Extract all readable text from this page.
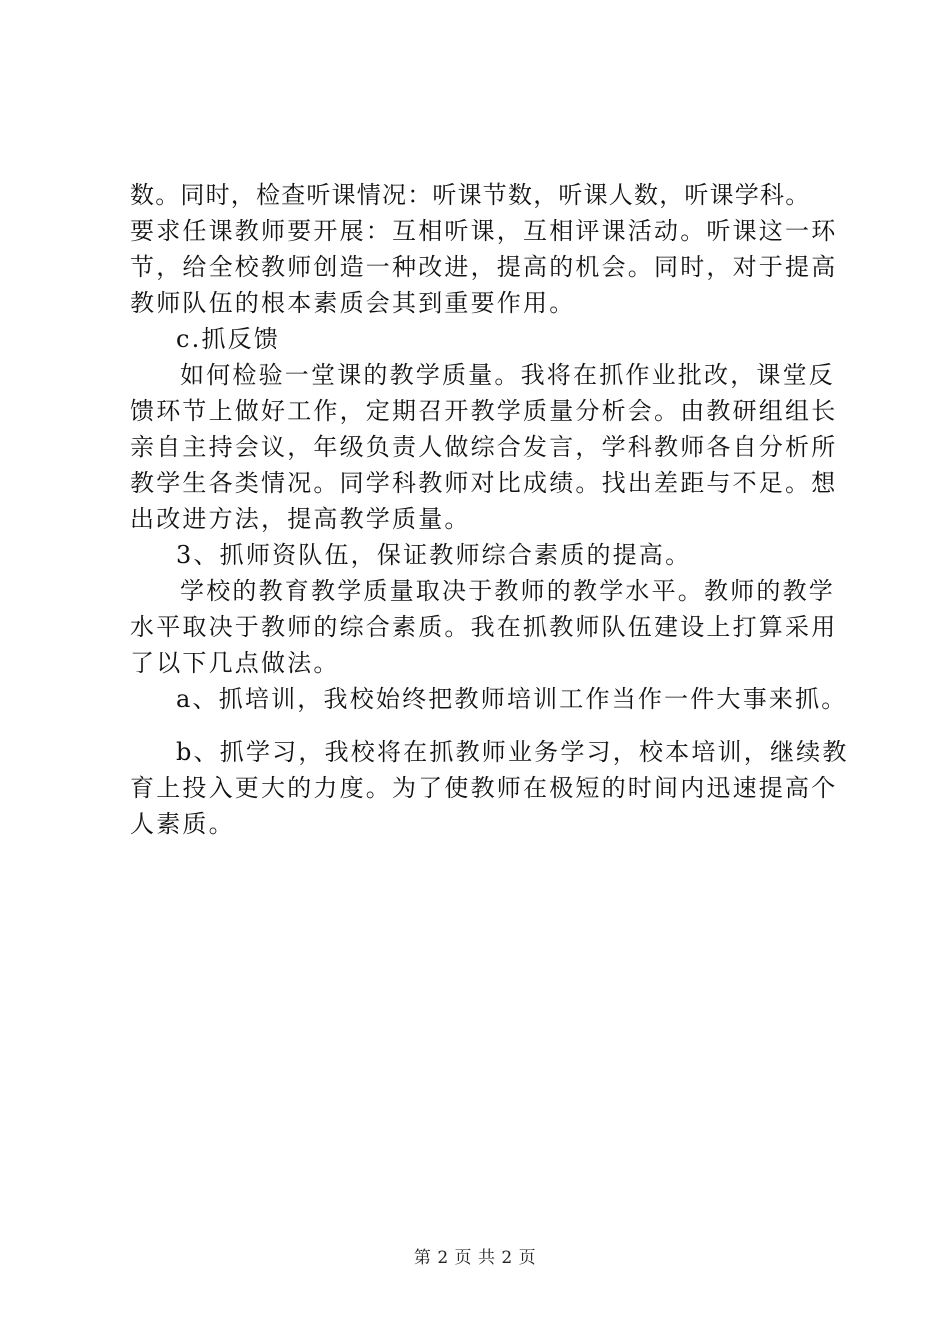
数。同时，检查听课情况：听课节数，听课人数，听课学科。
要求任课教师要开展：互相听课，互相评课活动。听课这一环
节，给全校教师创造一种改进，提高的机会。同时，对于提高
教师队伍的根本素质会其到重要作用。
c.抓反馈
如何检验一堂课的教学质量。我将在抓作业批改，课堂反
馈环节上做好工作，定期召开教学质量分析会。由教研组组长
亲自主持会议，年级负责人做综合发言，学科教师各自分析所
教学生各类情况。同学科教师对比成绩。找出差距与不足。想
出改进方法，提高教学质量。
3、抓师资队伍，保证教师综合素质的提高。
学校的教育教学质量取决于教师的教学水平。教师的教学
水平取决于教师的综合素质。我在抓教师队伍建设上打算采用
了以下几点做法。
a、抓培训，我校始终把教师培训工作当作一件大事来抓。
b、抓学习，我校将在抓教师业务学习，校本培训，继续教
育上投入更大的力度。为了使教师在极短的时间内迅速提高个
人素质。
第 2 页 共 2 页
